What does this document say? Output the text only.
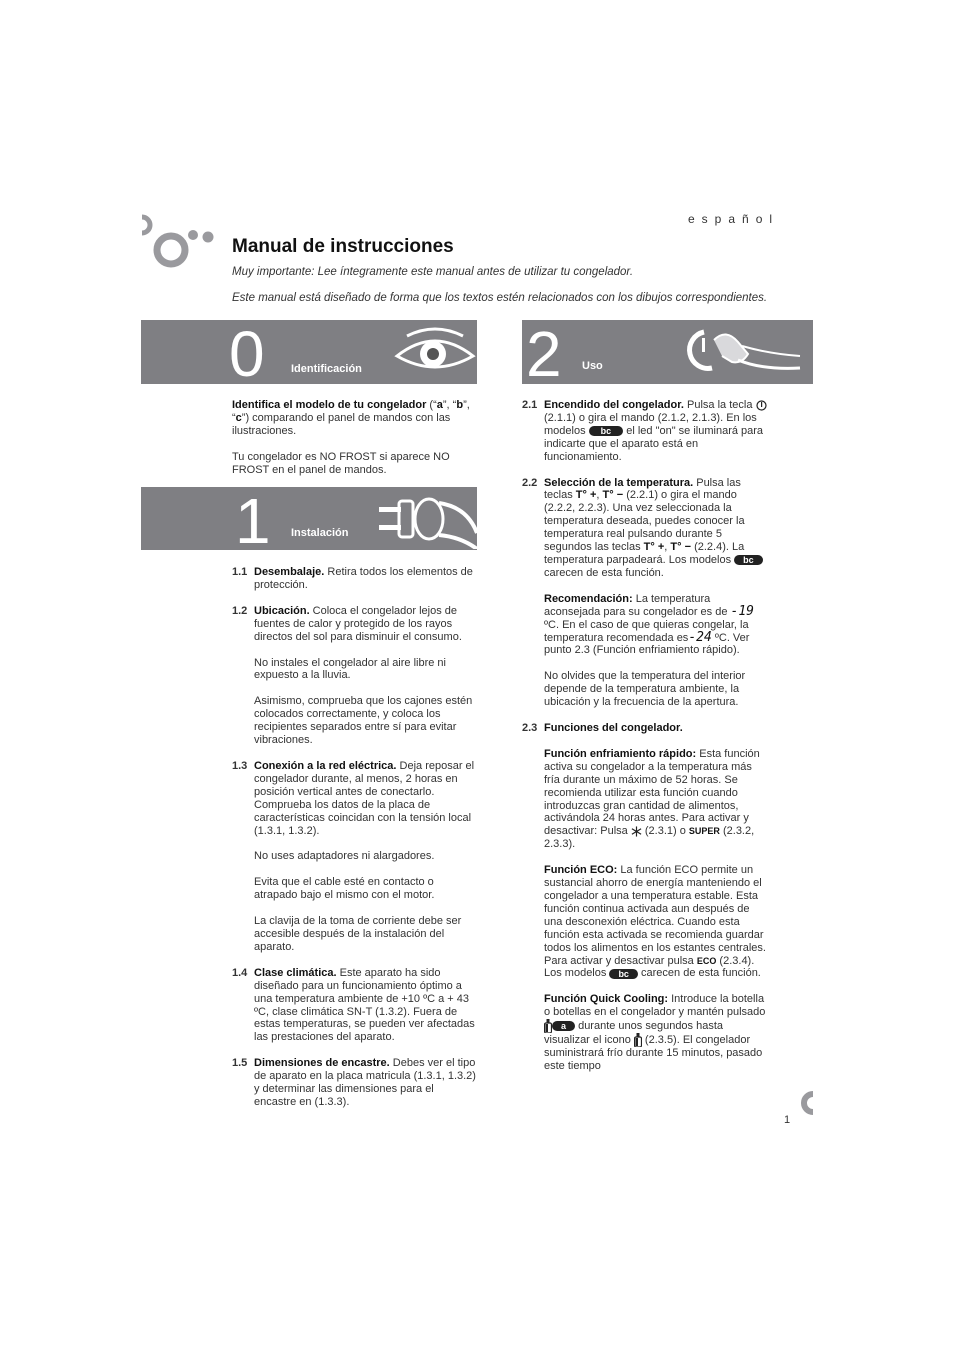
español
Manual de instrucciones
Muy importante: Lee íntegramente este manual antes de utilizar tu congelador.
Este manual está diseñado de forma que los textos estén relacionados con los dibujos correspondientes.
0 Identificación
1 Instalación
2 Uso

Identifica el modelo de tu congelador (“a”, “b”, “c”) comparando el panel de mandos con las ilustraciones.

Tu congelador es NO FROST si aparece NO FROST en el panel de mandos.

1.1 Desembalaje. Retira todos los elementos de protección.

1.2 Ubicación. Coloca el congelador lejos de fuentes de calor y protegido de los rayos directos del sol para disminuir el consumo.

No instales el congelador al aire libre ni expuesto a la lluvia.

Asimismo, comprueba que los cajones estén colocados correctamente, y coloca los recipientes separados entre sí para evitar vibraciones.

1.3 Conexión a la red eléctrica. Deja reposar el congelador durante, al menos, 2 horas en posición vertical antes de conectarlo. Comprueba los datos de la placa de características coincidan con la tensión local (1.3.1, 1.3.2).

No uses adaptadores ni alargadores.

Evita que el cable esté en contacto o atrapado bajo el mismo con el motor.

La clavija de la toma de corriente debe ser accesible después de la instalación del aparato.

1.4 Clase climática. Este aparato ha sido diseñado para un funcionamiento óptimo a una temperatura ambiente de +10 ºC a + 43 ºC, clase climática SN-T (1.3.2). Fuera de estas temperaturas, se pueden ver afectadas las prestaciones del aparato.

1.5 Dimensiones de encastre. Debes ver el tipo de aparato en la placa matricula (1.3.1, 1.3.2) y determinar las dimensiones para el encastre en (1.3.3).

2.1 Encendido del congelador. Pulsa la tecla  (2.1.1) o gira el mando (2.1.2, 2.1.3). En los modelos bc el led "on" se iluminará para indicarte que el aparato está en funcionamiento.

2.2 Selección de la temperatura. Pulsa las teclas T° +, T° − (2.2.1) o gira el mando (2.2.2, 2.2.3). Una vez seleccionada la temperatura deseada, puedes conocer la temperatura real pulsando durante 5 segundos las teclas T° +, T° − (2.2.4). La temperatura parpadeará. Los modelos bc carecen de esta función.

Recomendación: La temperatura aconsejada para su congelador es de -19 ºC. En el caso de que quieras congelar, la temperatura recomendada es-24 ºC. Ver punto 2.3 (Función enfriamiento rápido).

No olvides que la temperatura del interior depende de la temperatura ambiente, la ubicación y la frecuencia de la apertura.

2.3 Funciones del congelador.

Función enfriamiento rápido: Esta función activa su congelador a la temperatura más fría durante un máximo de 52 horas. Se recomienda utilizar esta función cuando introduzcas gran cantidad de alimentos, activándola 24 horas antes. Para activar y desactivar: Pulsa  (2.3.1) o SUPER (2.3.2, 2.3.3).

Función ECO: La función ECO permite un sustancial ahorro de energía manteniendo el congelador a una temperatura estable. Esta función continua activada aun después de una desconexión eléctrica. Cuando esta función esta activada se recomienda guardar todos los alimentos en los estantes centrales. Para activar y desactivar pulsa ECO (2.3.4). Los modelos bc carecen de esta función.

Función Quick Cooling: Introduce la botella o botellas en el congelador y mantén pulsado a durante unos segundos hasta visualizar el icono  (2.3.5). El congelador suministrará frío durante 15 minutos, pasado este tiempo

1
